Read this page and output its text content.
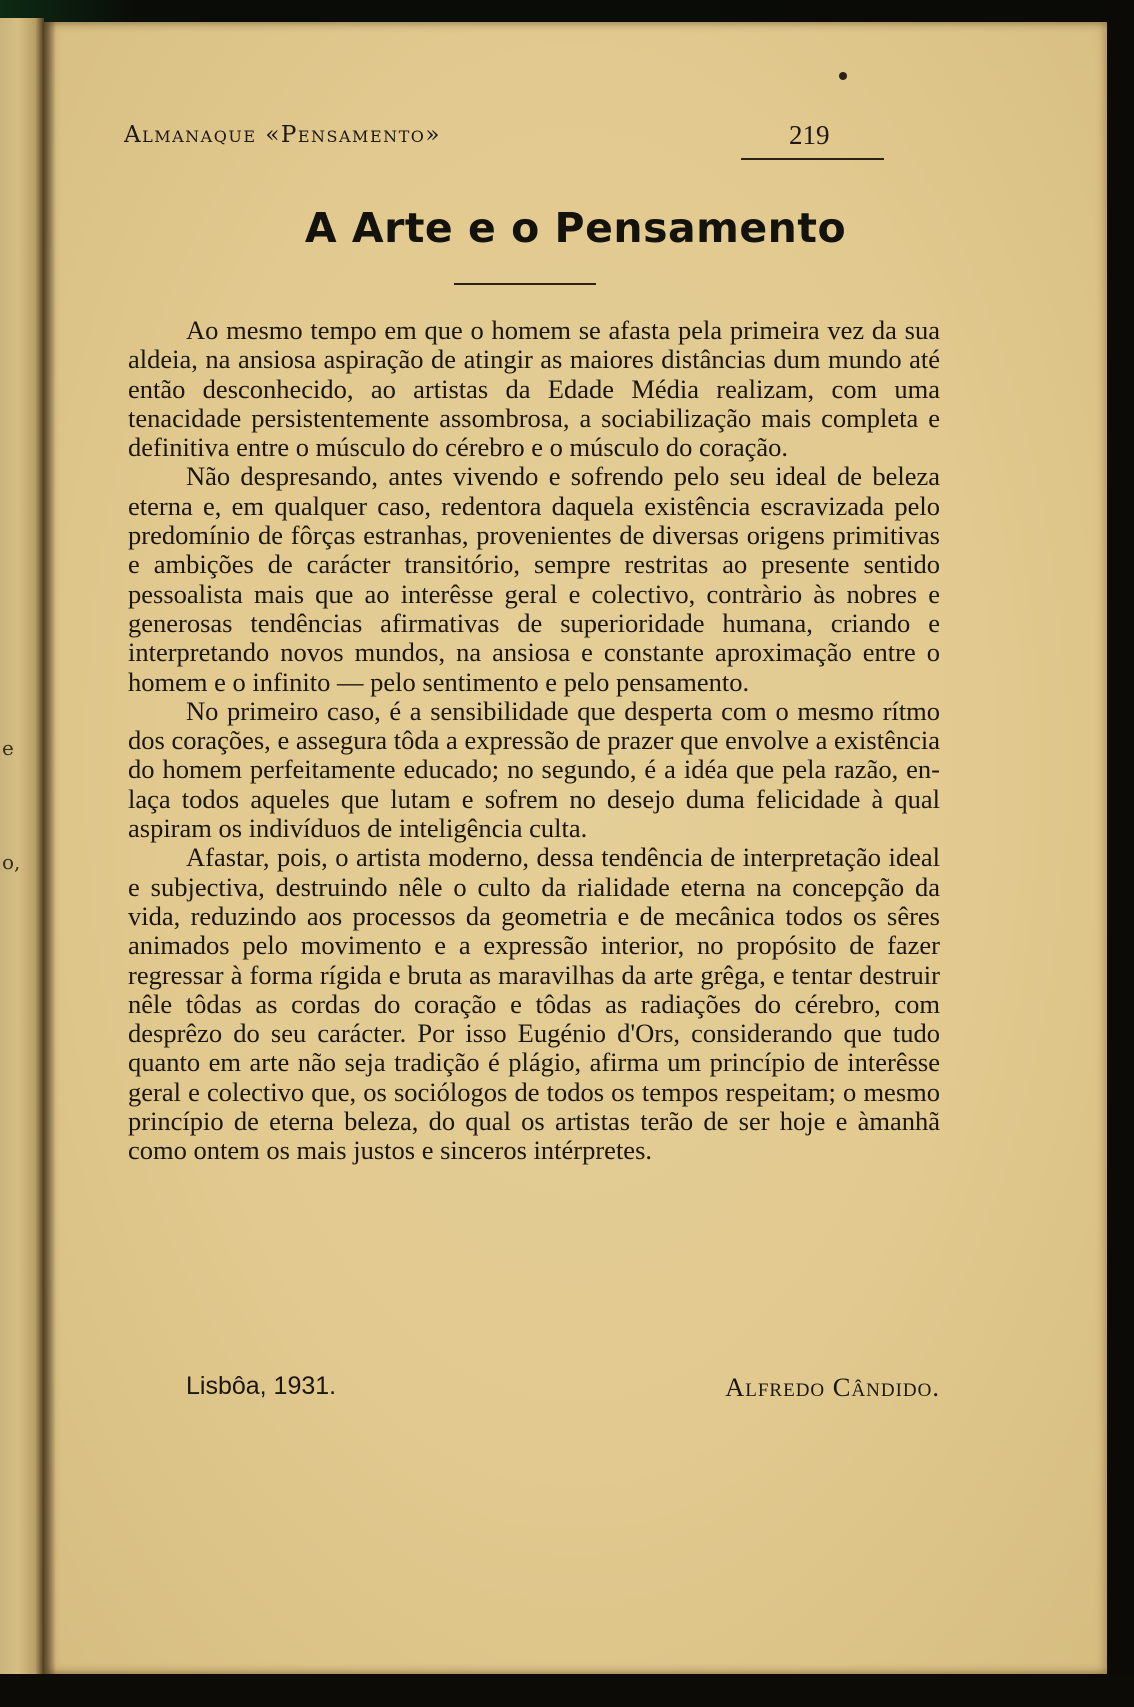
e
o,
Almanaque «Pensamento»	219
A Arte e o Pensamento

Ao mesmo tempo em que o homem se afasta pela primeira vez da sua aldeia, na ansiosa aspiração de atingir as maiores distâncias dum mundo até então desconhecido, ao artistas da Edade Média realizam, com uma tenacidade persistentemente assombrosa, a sociabilização mais completa e definitiva entre o músculo do cérebro e o músculo do coração.

Não despresando, antes vivendo e sofrendo pelo seu ideal de beleza eterna e, em qualquer caso, redentora daquela existência escravizada pelo predomínio de fôrças estranhas, provenientes de diversas origens primitivas e ambições de carácter transitório, sempre restritas ao presente sentido pessoalista mais que ao interêsse geral e colectivo, contràrio às nobres e generosas tendências afirmativas de superioridade humana, criando e interpretando novos mundos, na ansiosa e constante aproximação entre o homem e o infinito — pelo sentimento e pelo pensamento.

No primeiro caso, é a sensibilidade que desperta com o mesmo rítmo dos corações, e assegura tôda a expressão de prazer que envolve a existência do homem perfeitamente educado; no segundo, é a idéa que pela razão, enlaça todos aqueles que lutam e sofrem no desejo duma felicidade à qual aspiram os indivíduos de inteligência culta.

Afastar, pois, o artista moderno, dessa tendência de interpretação ideal e subjectiva, destruindo nêle o culto da rialidade eterna na concepção da vida, reduzindo aos processos da geometria e de mecânica todos os sêres animados pelo movimento e a expressão interior, no propósito de fazer regressar à forma rígida e bruta as maravilhas da arte grêga, e tentar destruir nêle tôdas as cordas do coração e tôdas as radiações do cérebro, com desprêzo do seu carácter. Por isso Eugénio d'Ors, considerando que tudo quanto em arte não seja tradição é plágio, afirma um princípio de interêsse geral e colectivo que, os sociólogos de todos os tempos respeitam; o mesmo princípio de eterna beleza, do qual os artistas terão de ser hoje e àmanhã como ontem os mais justos e sinceros intérpretes.

Lisbôa, 1931.	Alfredo Cândido.
